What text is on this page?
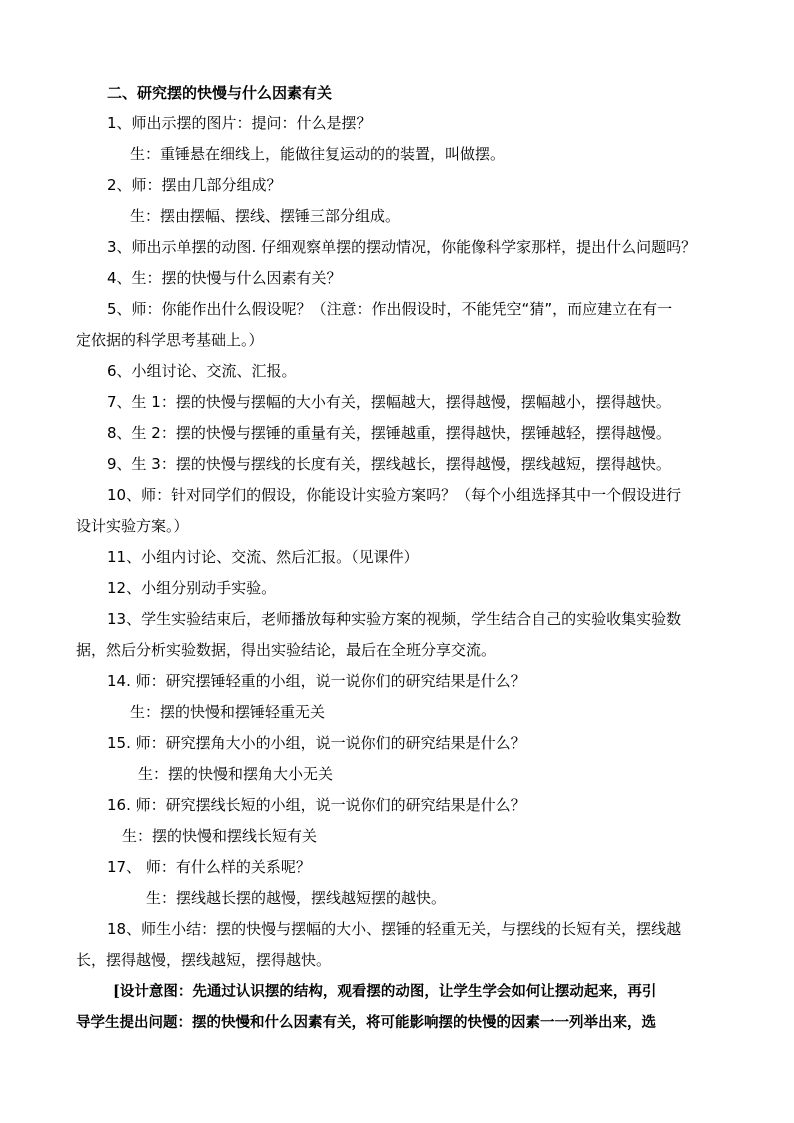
二、研究摆的快慢与什么因素有关
1、师出示摆的图片：提问：什么是摆？
生：重锤悬在细线上，能做往复运动的的装置，叫做摆。
2、师：摆由几部分组成？
生：摆由摆幅、摆线、摆锤三部分组成。
3、师出示单摆的动图. 仔细观察单摆的摆动情况，你能像科学家那样，提出什么问题吗？
4、生：摆的快慢与什么因素有关？
5、师：你能作出什么假设呢？（注意：作出假设时，不能凭空“猜”，而应建立在有一
定依据的科学思考基础上。）
6、小组讨论、交流、汇报。
7、生 1：摆的快慢与摆幅的大小有关，摆幅越大，摆得越慢，摆幅越小，摆得越快。
8、生 2：摆的快慢与摆锤的重量有关，摆锤越重，摆得越快，摆锤越轻，摆得越慢。
9、生 3：摆的快慢与摆线的长度有关，摆线越长，摆得越慢，摆线越短，摆得越快。
10、师：针对同学们的假设，你能设计实验方案吗？（每个小组选择其中一个假设进行
设计实验方案。）
11、小组内讨论、交流、然后汇报。（见课件）
12、小组分别动手实验。
13、学生实验结束后，老师播放每种实验方案的视频，学生结合自己的实验收集实验数
据，然后分析实验数据，得出实验结论，最后在全班分享交流。
14. 师：研究摆锤轻重的小组，说一说你们的研究结果是什么？
生：摆的快慢和摆锤轻重无关
15. 师：研究摆角大小的小组，说一说你们的研究结果是什么？
生：摆的快慢和摆角大小无关
16. 师：研究摆线长短的小组，说一说你们的研究结果是什么？
生：摆的快慢和摆线长短有关
17、 师：有什么样的关系呢？
生：摆线越长摆的越慢，摆线越短摆的越快。
18、师生小结：摆的快慢与摆幅的大小、摆锤的轻重无关，与摆线的长短有关，摆线越
长，摆得越慢，摆线越短，摆得越快。
[设计意图：先通过认识摆的结构，观看摆的动图，让学生学会如何让摆动起来，再引
导学生提出问题：摆的快慢和什么因素有关，将可能影响摆的快慢的因素一一列举出来，选
